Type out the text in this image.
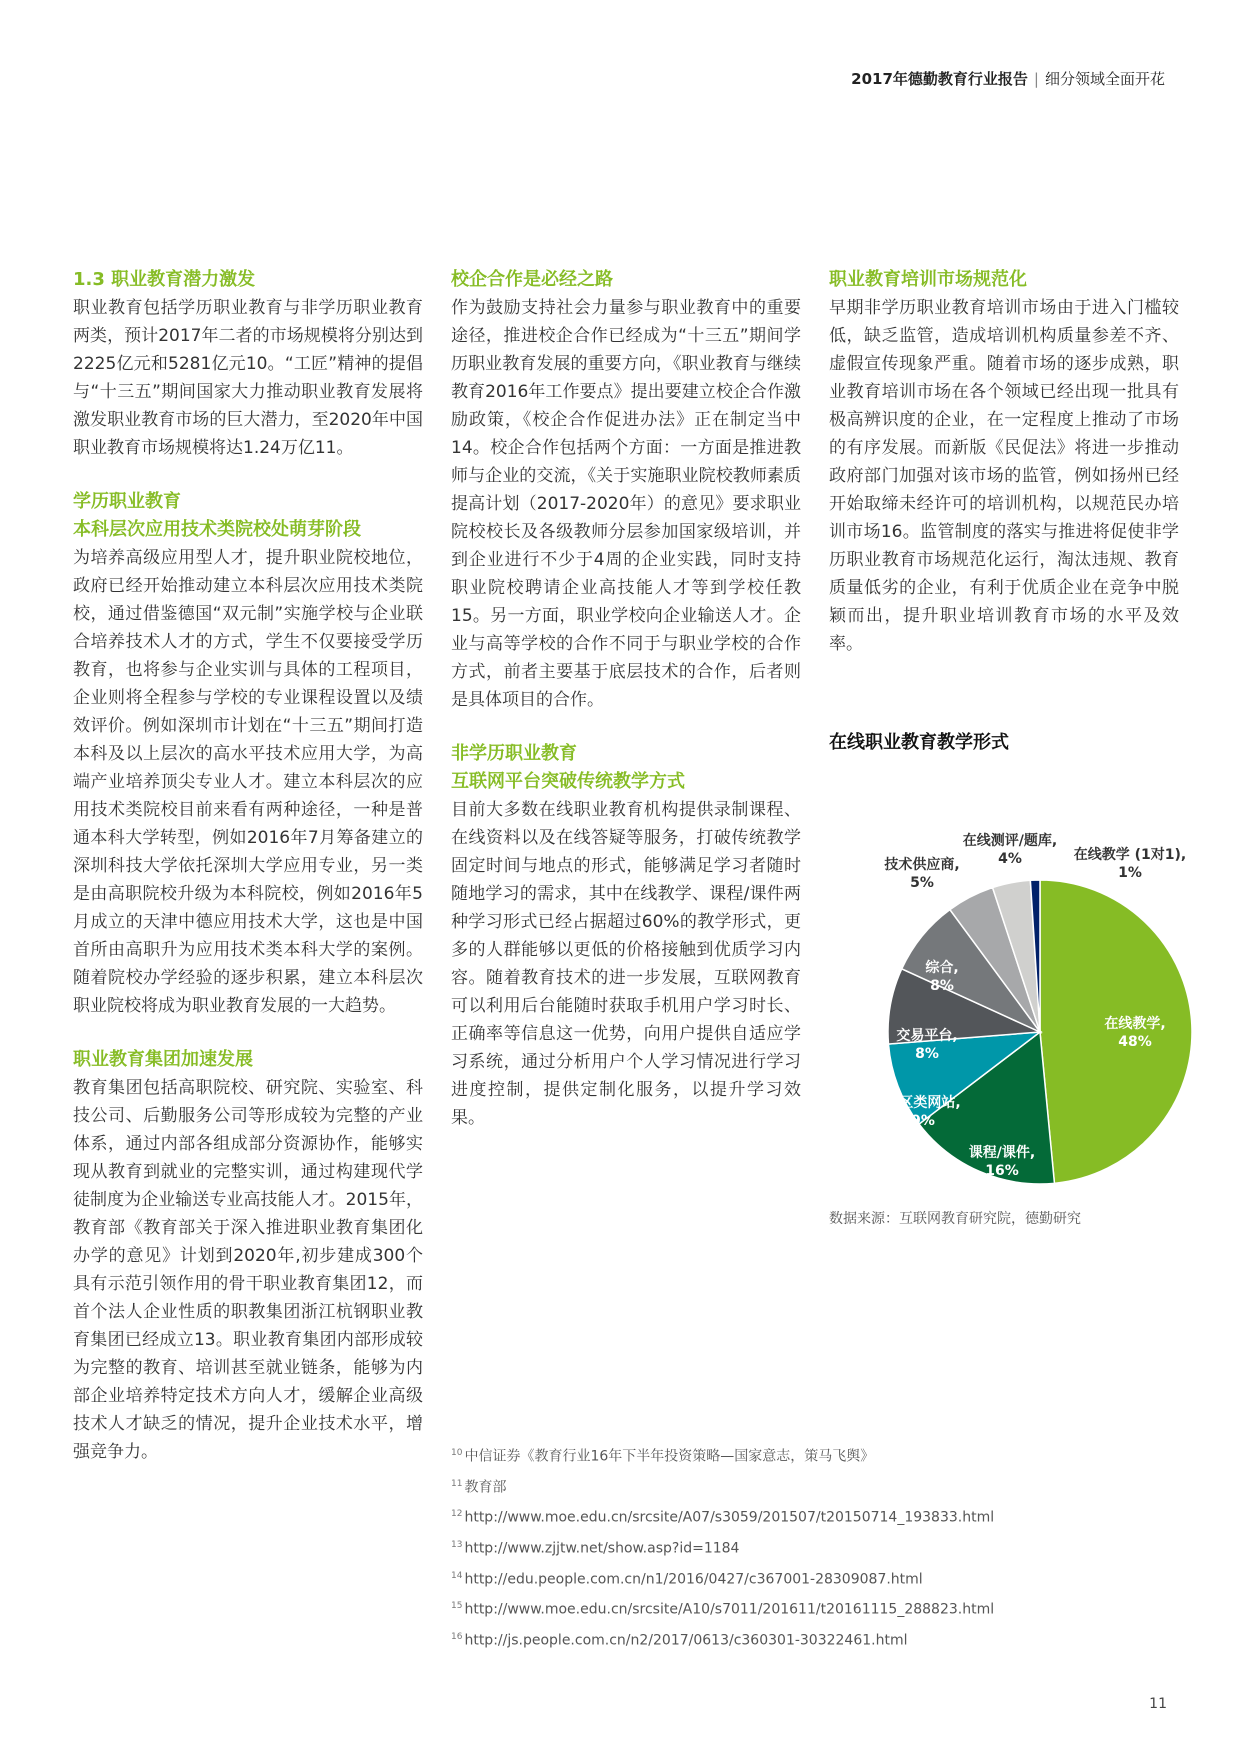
2017年德勤教育行业报告 | 细分领域全面开花
1.3 职业教育潜力激发

职业教育包括学历职业教育与非学历职业教育两类，预计2017年二者的市场规模将分别达到2225亿元和5281亿元10。“工匠”精神的提倡与“十三五”期间国家大力推动职业教育发展将激发职业教育市场的巨大潜力，至2020年中国职业教育市场规模将达1.24万亿11。

学历职业教育
本科层次应用技术类院校处萌芽阶段

为培养高级应用型人才，提升职业院校地位，政府已经开始推动建立本科层次应用技术类院校，通过借鉴德国“双元制”实施学校与企业联合培养技术人才的方式，学生不仅要接受学历教育，也将参与企业实训与具体的工程项目，企业则将全程参与学校的专业课程设置以及绩效评价。例如深圳市计划在“十三五”期间打造本科及以上层次的高水平技术应用大学，为高端产业培养顶尖专业人才。建立本科层次的应用技术类院校目前来看有两种途径，一种是普通本科大学转型，例如2016年7月筹备建立的深圳科技大学依托深圳大学应用专业，另一类是由高职院校升级为本科院校，例如2016年5月成立的天津中德应用技术大学，这也是中国首所由高职升为应用技术类本科大学的案例。随着院校办学经验的逐步积累，建立本科层次职业院校将成为职业教育发展的一大趋势。

职业教育集团加速发展

教育集团包括高职院校、研究院、实验室、科技公司、后勤服务公司等形成较为完整的产业体系，通过内部各组成部分资源协作，能够实现从教育到就业的完整实训，通过构建现代学徒制度为企业输送专业高技能人才。2015年，教育部《教育部关于深入推进职业教育集团化办学的意见》计划到2020年,初步建成300个具有示范引领作用的骨干职业教育集团12，而首个法人企业性质的职教集团浙江杭钢职业教育集团已经成立13。职业教育集团内部形成较为完整的教育、培训甚至就业链条，能够为内部企业培养特定技术方向人才，缓解企业高级技术人才缺乏的情况，提升企业技术水平，增强竞争力。

校企合作是必经之路

作为鼓励支持社会力量参与职业教育中的重要途径，推进校企合作已经成为“十三五”期间学历职业教育发展的重要方向，《职业教育与继续教育2016年工作要点》提出要建立校企合作激励政策，《校企合作促进办法》正在制定当中14。校企合作包括两个方面：一方面是推进教师与企业的交流，《关于实施职业院校教师素质提高计划（2017-2020年）的意见》要求职业院校校长及各级教师分层参加国家级培训，并到企业进行不少于4周的企业实践，同时支持职业院校聘请企业高技能人才等到学校任教15。另一方面，职业学校向企业输送人才。企业与高等学校的合作不同于与职业学校的合作方式，前者主要基于底层技术的合作，后者则是具体项目的合作。

非学历职业教育
互联网平台突破传统教学方式

目前大多数在线职业教育机构提供录制课程、在线资料以及在线答疑等服务，打破传统教学固定时间与地点的形式，能够满足学习者随时随地学习的需求，其中在线教学、课程/课件两种学习形式已经占据超过60%的教学形式，更多的人群能够以更低的价格接触到优质学习内容。随着教育技术的进一步发展，互联网教育可以利用后台能随时获取手机用户学习时长、正确率等信息这一优势，向用户提供自适应学习系统，通过分析用户个人学习情况进行学习进度控制，提供定制化服务，以提升学习效果。

职业教育培训市场规范化

早期非学历职业教育培训市场由于进入门槛较低，缺乏监管，造成培训机构质量参差不齐、虚假宣传现象严重。随着市场的逐步成熟，职业教育培训市场在各个领域已经出现一批具有极高辨识度的企业，在一定程度上推动了市场的有序发展。而新版《民促法》将进一步推动政府部门加强对该市场的监管，例如扬州已经开始取缔未经许可的培训机构，以规范民办培训市场16。监管制度的落实与推进将促使非学历职业教育市场规范化运行，淘汰违规、教育质量低劣的企业，有利于优质企业在竞争中脱颖而出，提升职业培训教育市场的水平及效率。

在线职业教育教学形式
在线教学,
48%
课程/课件,
16%
社区类网站,
9%
交易平台,
8%
综合,
8%
技术供应商,
5%
在线测评/题库,
4%	在线教学 (1对1),
1%
数据来源：互联网教育研究院，德勤研究
$^{10}$ 中信证券《教育行业16年下半年投资策略—国家意志，策马飞舆》
$^{11}$ 教育部
$^{12}$ http://www.moe.edu.cn/srcsite/A07/s3059/201507/t20150714_193833.html
$^{13}$ http://www.zjjtw.net/show.asp?id=1184
$^{14}$ http://edu.people.com.cn/n1/2016/0427/c367001-28309087.html
$^{15}$ http://www.moe.edu.cn/srcsite/A10/s7011/201611/t20161115_288823.html
$^{16}$ http://js.people.com.cn/n2/2017/0613/c360301-30322461.html
11
